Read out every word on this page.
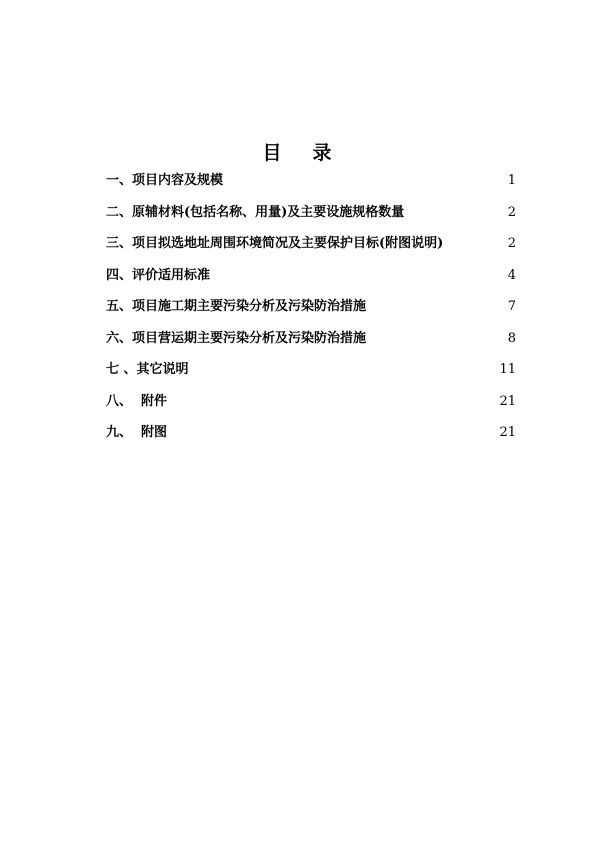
目 录
一、项目内容及规模	1
二、原辅材料(包括名称、用量)及主要设施规格数量	2
三、项目拟选地址周围环境简况及主要保护目标(附图说明)	2
四、评价适用标准	4
五、项目施工期主要污染分析及污染防治措施	7
六、项目营运期主要污染分析及污染防治措施	8
七 、其它说明	11
八、  附件	21
九、  附图	21
